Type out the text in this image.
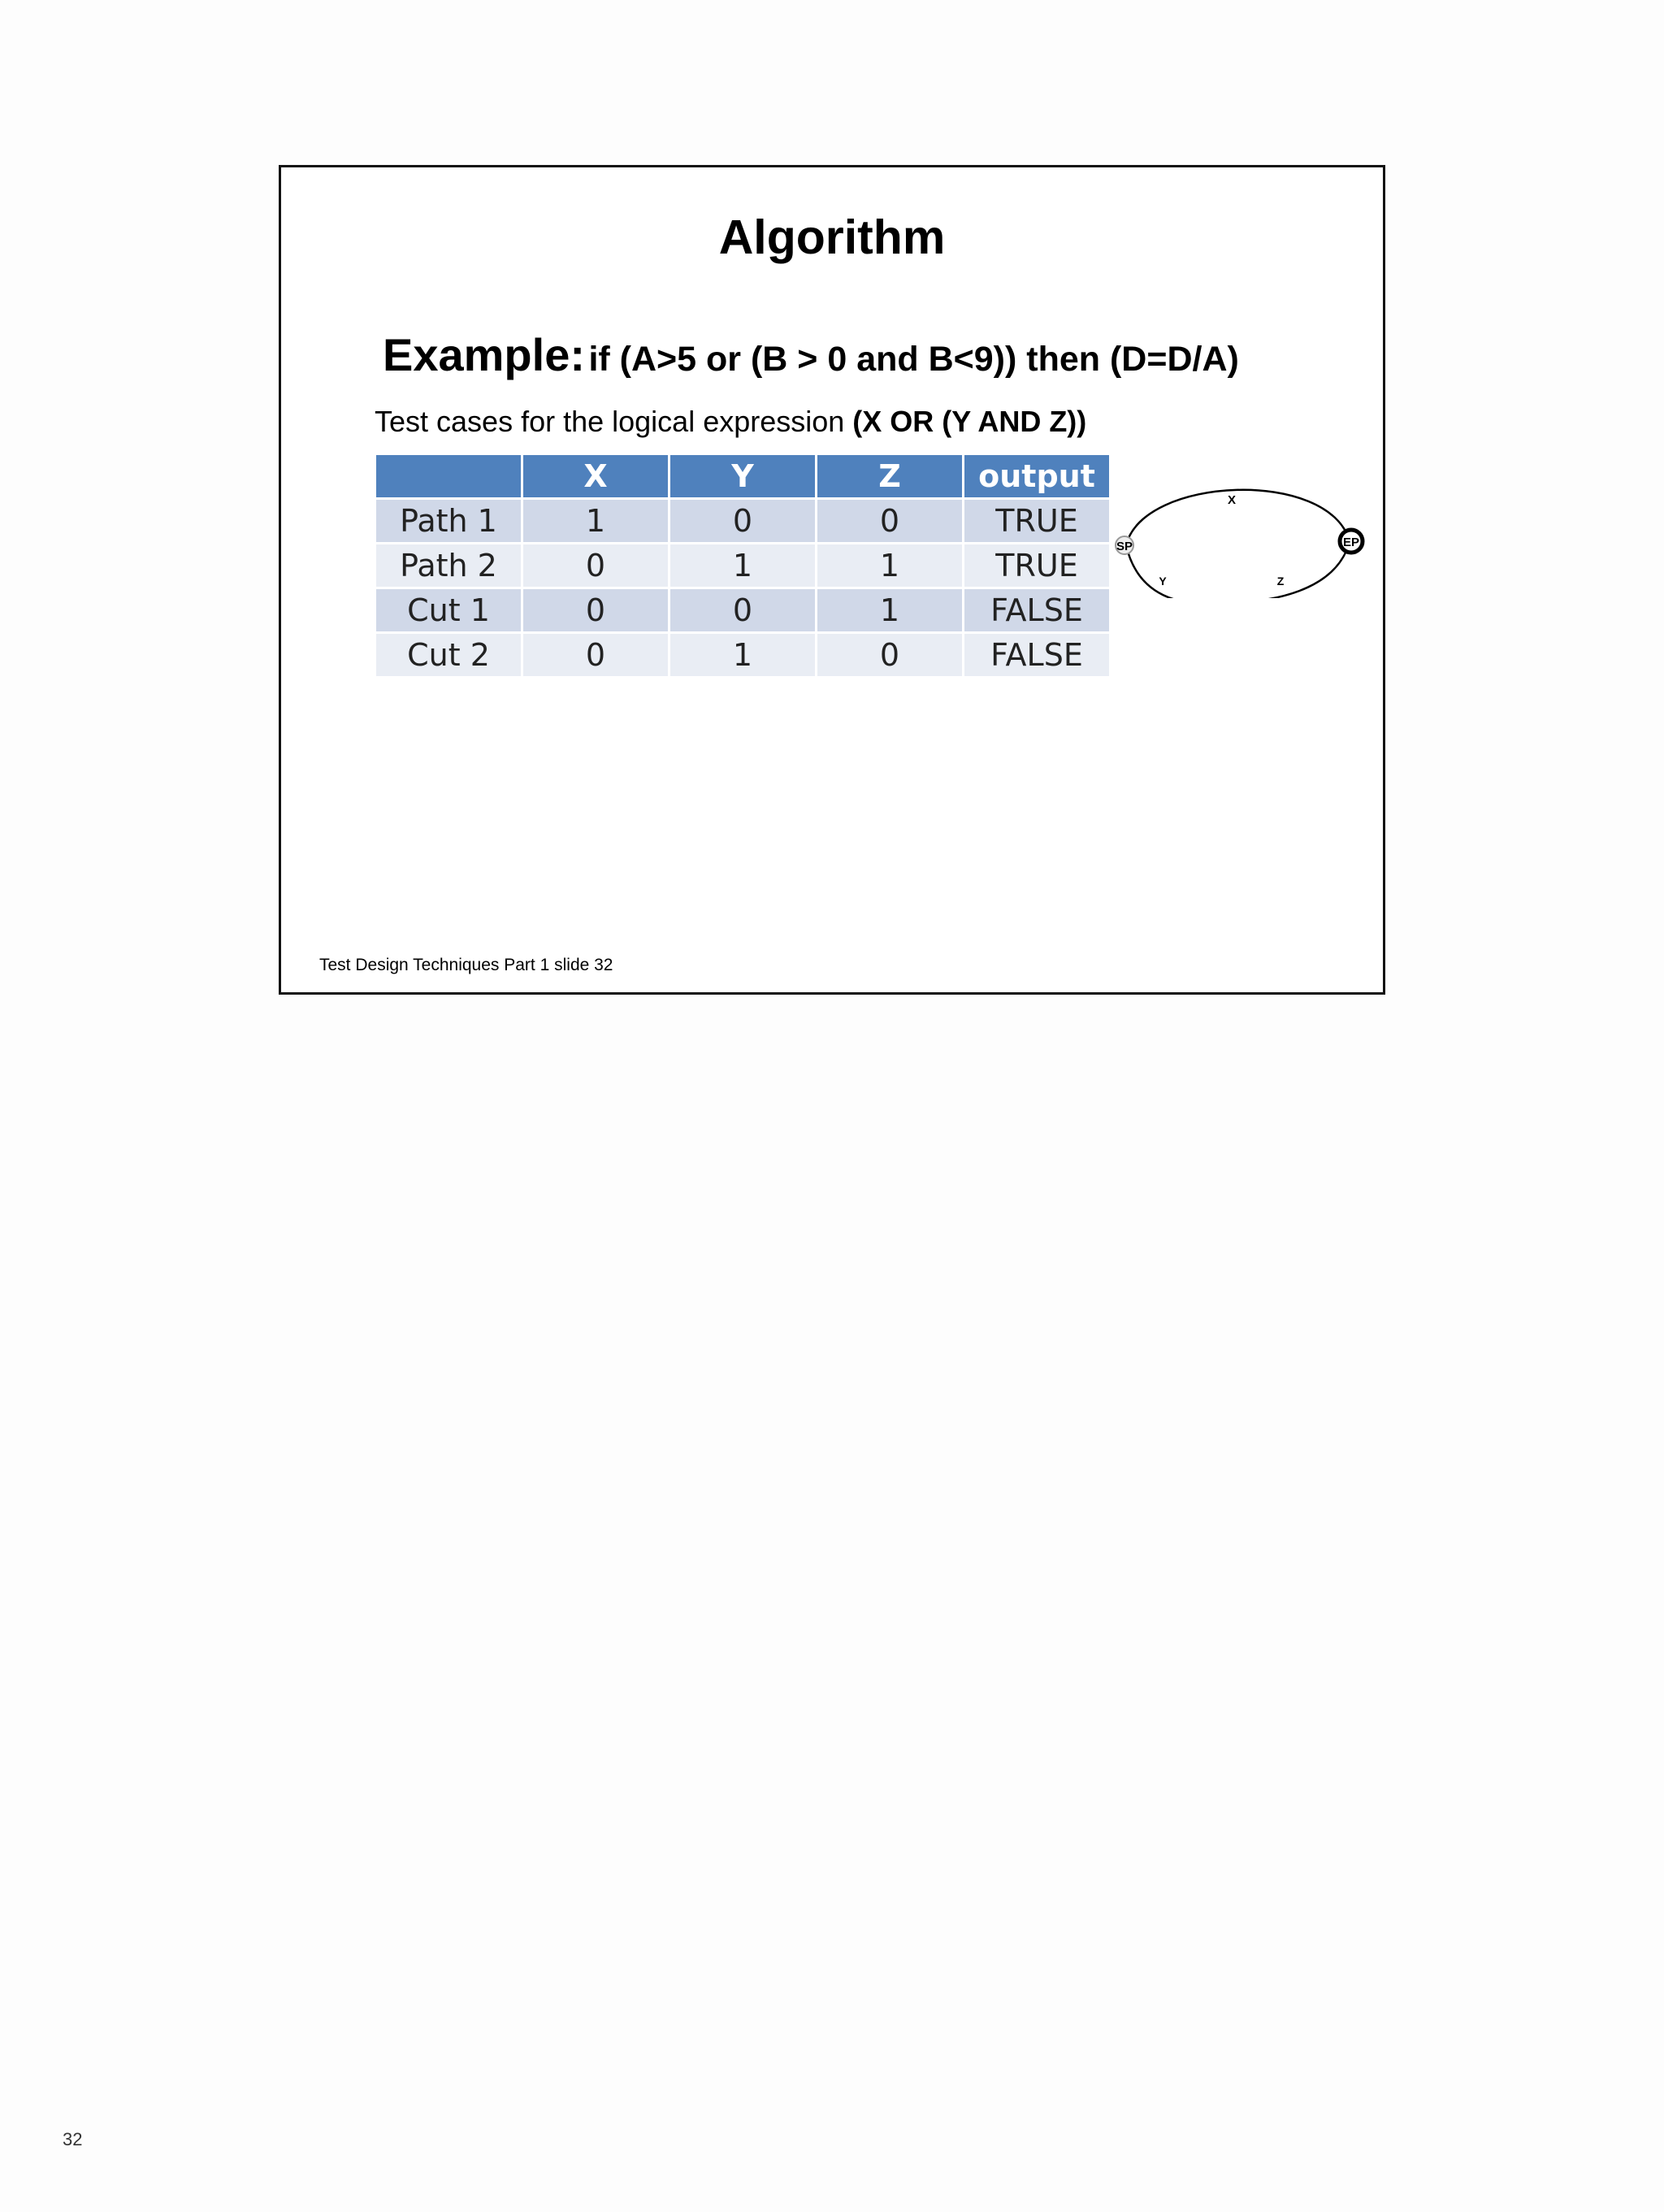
Algorithm
Example: if (A>5 or (B > 0 and B<9)) then (D=D/A)
Test cases for the logical expression (X OR (Y AND Z))
	X	Y	Z	output
Path 1	1	0	0	TRUE
Path 2	0	1	1	TRUE
Cut 1	0	0	1	FALSE
Cut 2	0	1	0	FALSE
SP	EP
X
Y	Z
Test Design Techniques Part 1 slide 32
32
